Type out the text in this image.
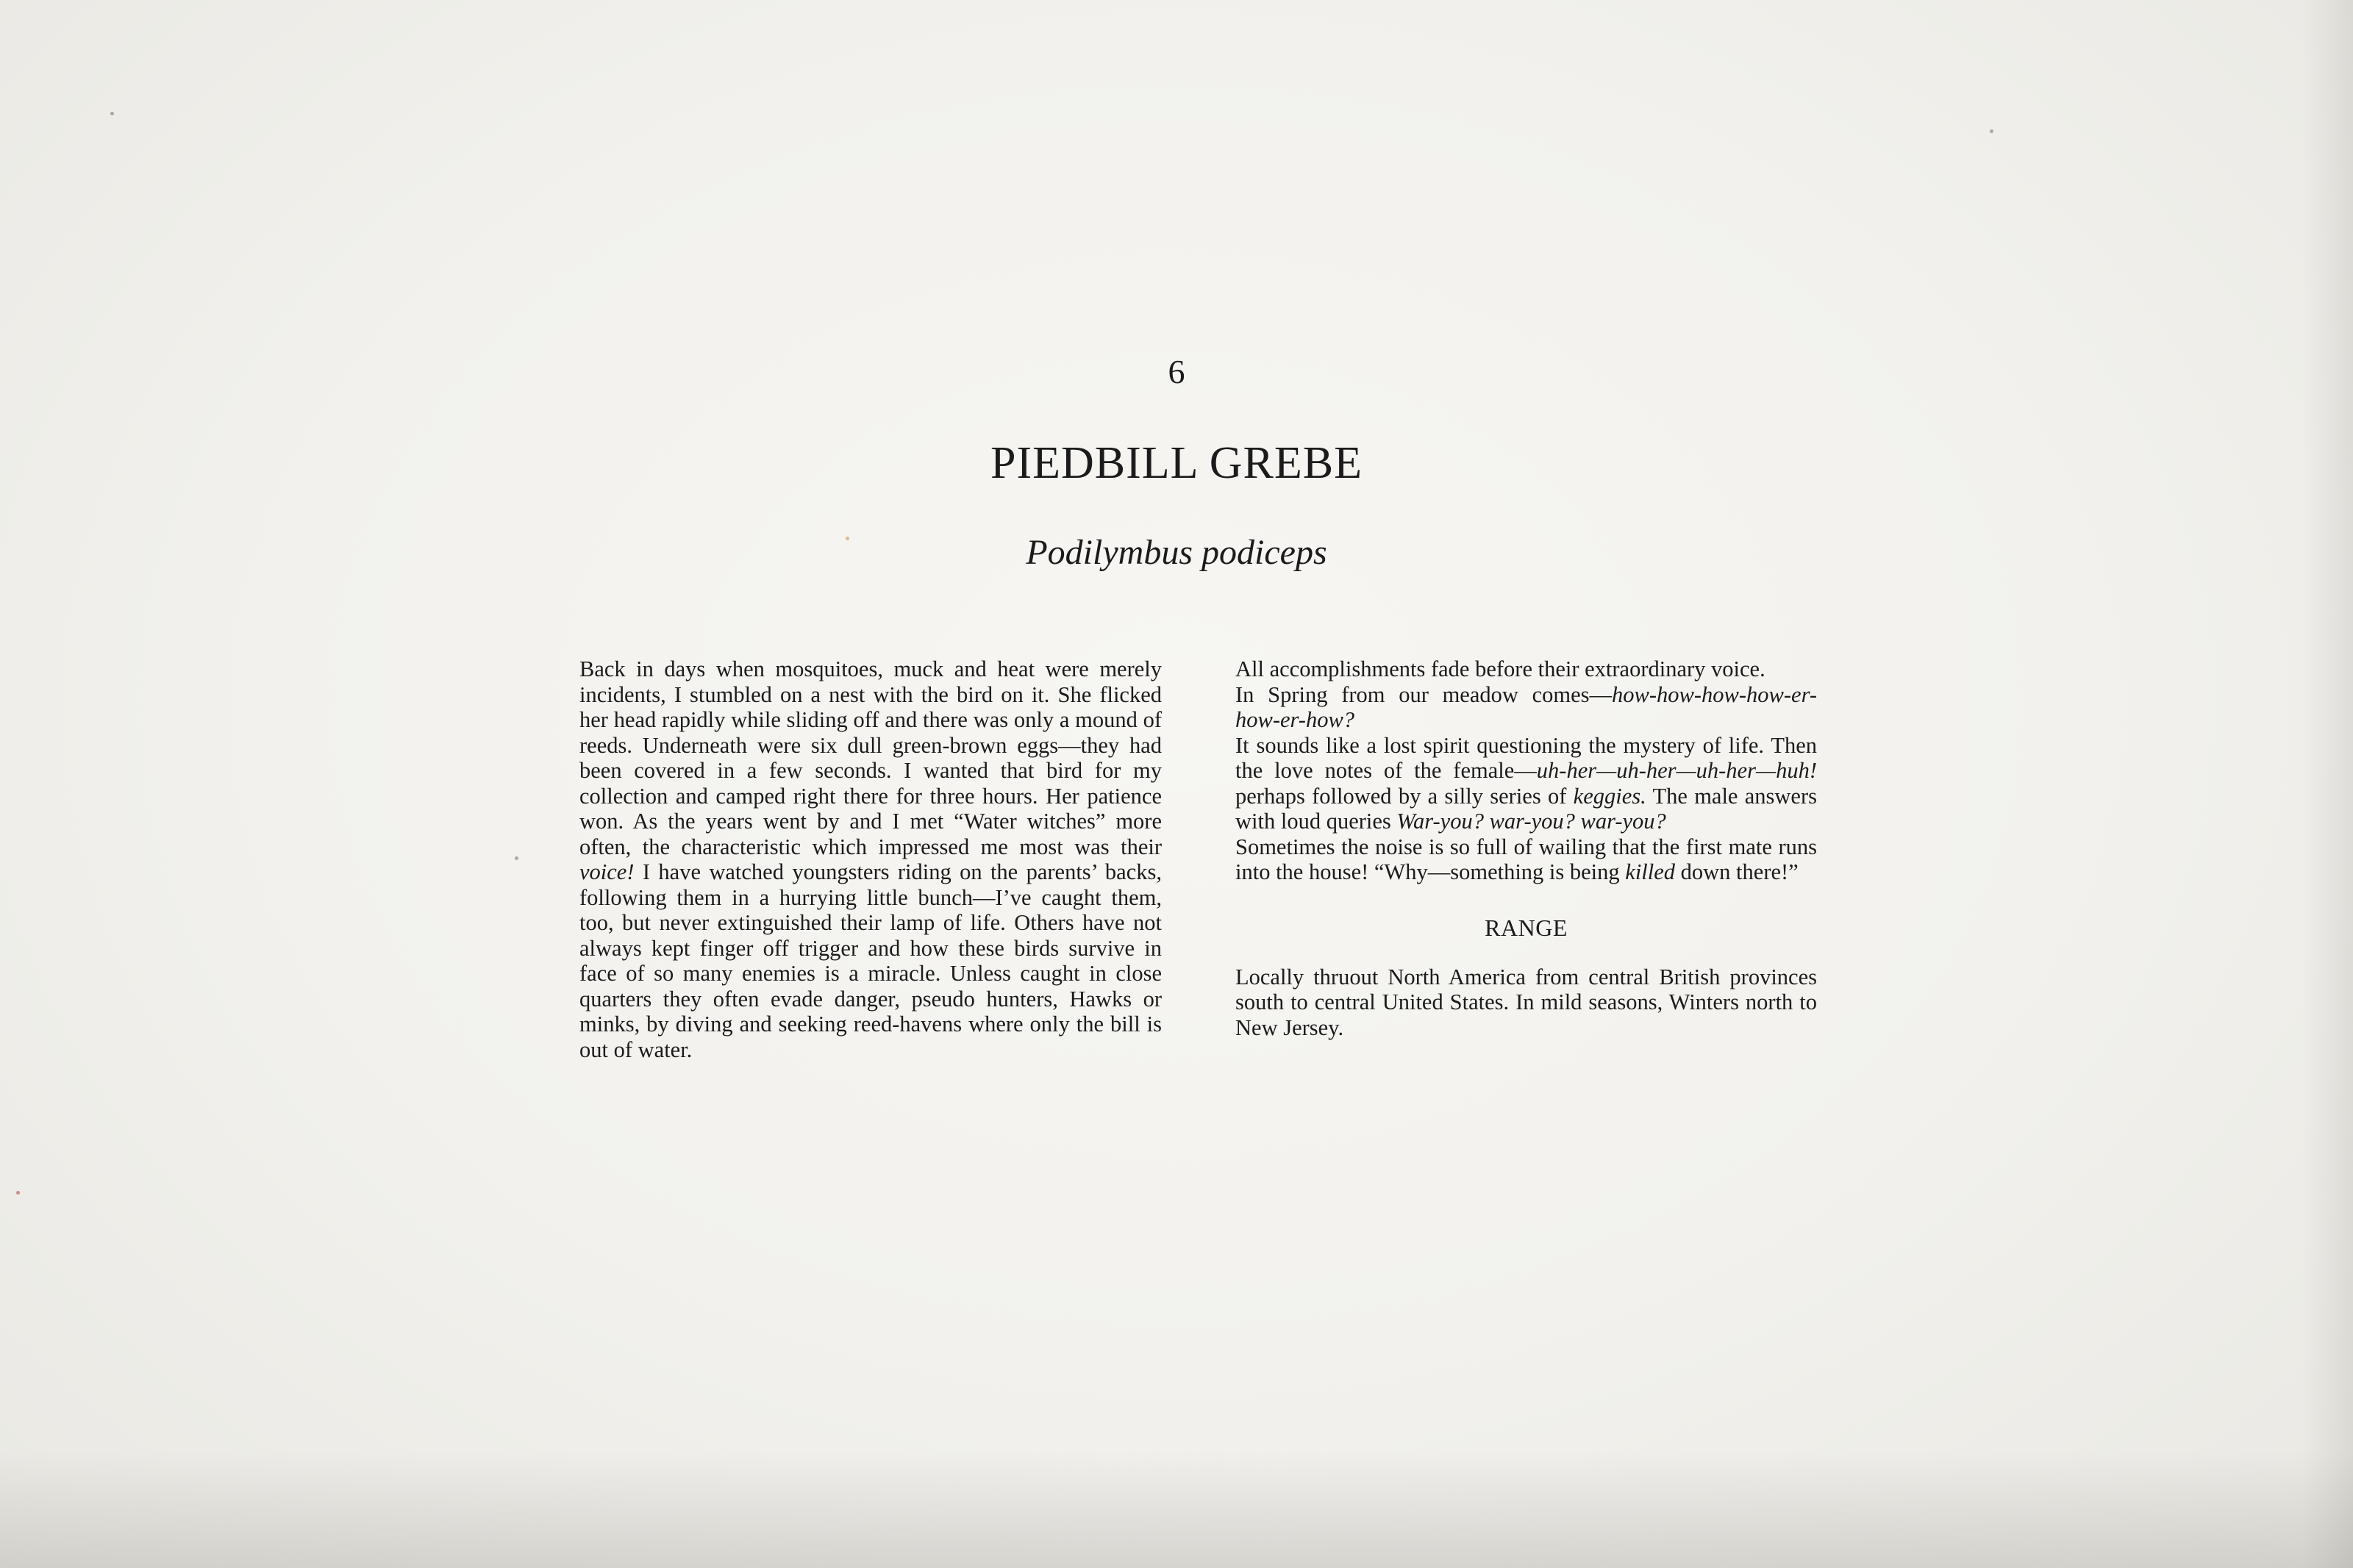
6
PIEDBILL GREBE
Podilymbus podiceps

Back in days when mosquitoes, muck and heat were merely incidents, I stumbled on a nest with the bird on it. She flicked her head rapidly while sliding off and there was only a mound of reeds. Underneath were six dull green-brown eggs—they had been covered in a few seconds. I wanted that bird for my collection and camped right there for three hours. Her patience won. As the years went by and I met “Water witches” more often, the characteristic which impressed me most was their voice! I have watched youngsters riding on the parents’ backs, following them in a hurrying little bunch—I’ve caught them, too, but never extinguished their lamp of life. Others have not always kept finger off trigger and how these birds survive in face of so many enemies is a miracle. Unless caught in close quarters they often evade danger, pseudo hunters, Hawks or minks, by diving and seeking reed-havens where only the bill is out of water.

All accomplishments fade before their extraordinary voice.

In Spring from our meadow comes—how-how-how-how-er-how-er-how?

It sounds like a lost spirit questioning the mystery of life. Then the love notes of the female—uh-her—uh-her—uh-her—huh! perhaps followed by a silly series of keggies. The male answers with loud queries War-you? war-you? war-you?

Sometimes the noise is so full of wailing that the first mate runs into the house! “Why—something is being killed down there!”

RANGE

Locally thruout North America from central British provinces south to central United States. In mild seasons, Winters north to New Jersey.
